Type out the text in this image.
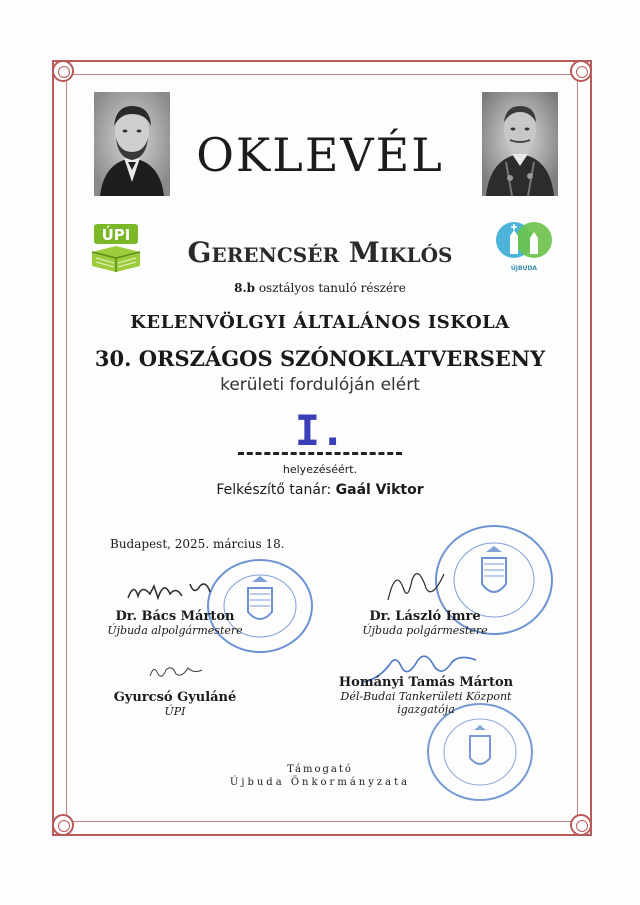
ÚPI
ÚJBUDA
OKLEVÉL
Gerencsér Miklós
8.b osztályos tanuló részére
KELENVÖLGYI ÁLTALÁNOS ISKOLA
30. ORSZÁGOS SZÓNOKLATVERSENY
kerületi fordulóján elért
I.
helyezéséért.
Felkészítő tanár: Gaál Viktor
Budapest, 2025. március 18.
Dr. Bács Márton
Újbuda alpolgármestere
Dr. László Imre
Újbuda polgármestere
Gyurcsó Gyuláné
ÚPI
Hományi Tamás Márton
Dél-Budai Tankerületi Központ
igazgatója
Támogató
Újbuda Önkormányzata
